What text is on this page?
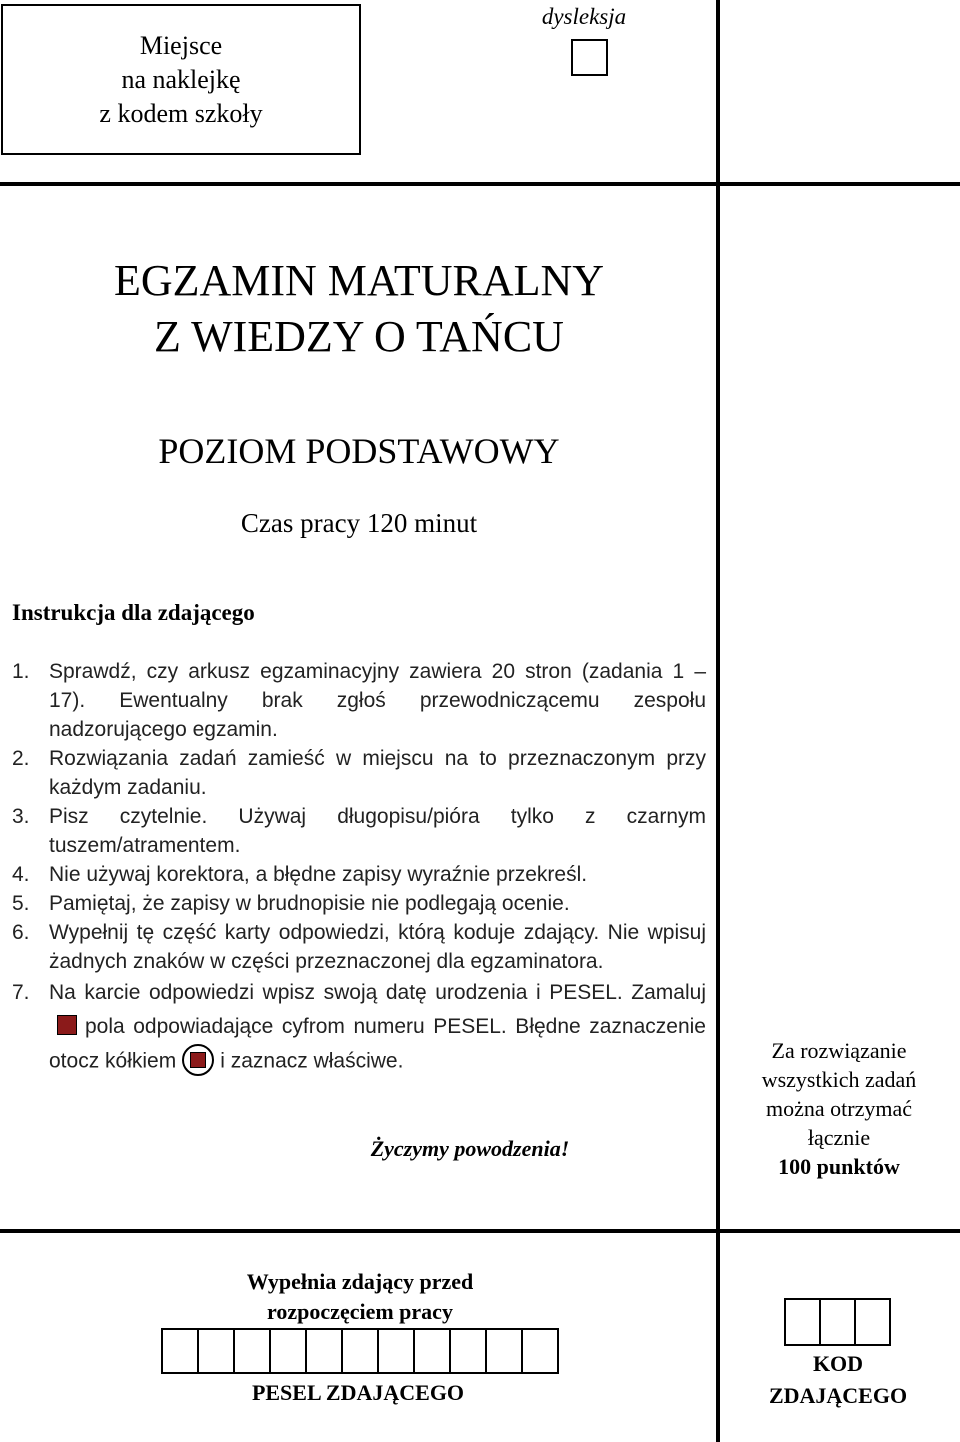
Miejsce
na naklejkę
z kodem szkoły
dysleksja
EGZAMIN MATURALNY
Z WIEDZY O TAŃCU
POZIOM PODSTAWOWY
Czas pracy 120 minut
Instrukcja dla zdającego
1. Sprawdź, czy arkusz egzaminacyjny zawiera 20 stron (zadania 1 – 17). Ewentualny brak zgłoś przewodniczącemu zespołu nadzorującego egzamin.
2. Rozwiązania zadań zamieść w miejscu na to przeznaczonym przy każdym zadaniu.
3. Pisz czytelnie. Używaj długopisu/pióra tylko z czarnym tuszem/atramentem.
4. Nie używaj korektora, a błędne zapisy wyraźnie przekreśl.
5. Pamiętaj, że zapisy w brudnopisie nie podlegają ocenie.
6. Wypełnij tę część karty odpowiedzi, którą koduje zdający. Nie wpisuj żadnych znaków w części przeznaczonej dla egzaminatora.
7. Na karcie odpowiedzi wpisz swoją datę urodzenia i PESEL. Zamalujpola odpowiadające cyfrom numeru PESEL. Błędne zaznaczenie otocz kółkiem i zaznacz właściwe.
Życzymy powodzenia!
Za rozwiązanie
wszystkich zadań
można otrzymać
łącznie
100 punktów
Wypełnia zdający przed
rozpoczęciem pracy
PESEL ZDAJĄCEGO
KOD
ZDAJĄCEGO
